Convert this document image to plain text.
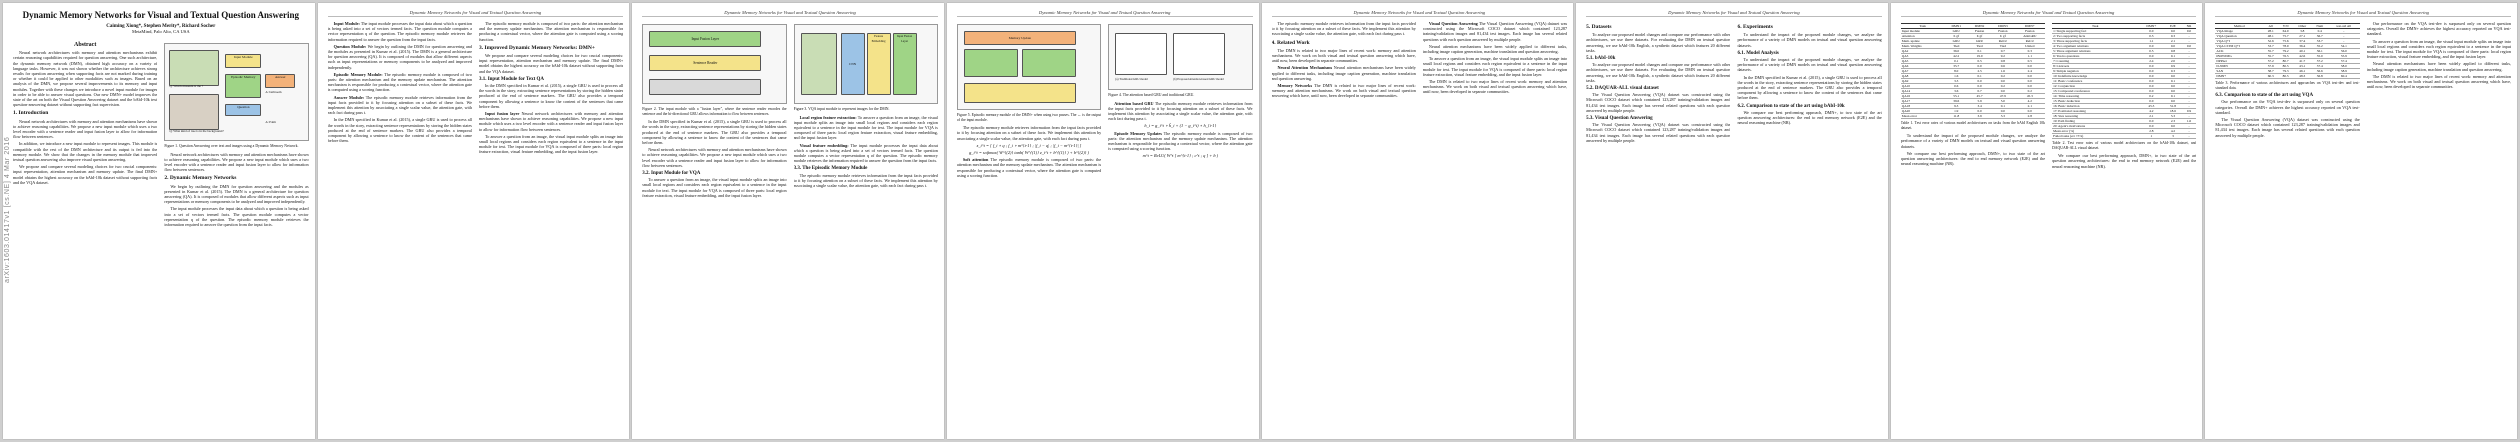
arXiv:1603.01417v1 [cs.NE] 4 Mar 2016
Dynamic Memory Networks for Visual and Textual Question Answering
Caiming Xiong*, Stephen Merity*, Richard Socher
MetaMind, Palo Alto, CA USA
Abstract

Neural network architectures with memory and attention mechanisms exhibit certain reasoning capabilities required for question answering. One such architecture, the dynamic memory network (DMN), obtained high accuracy on a variety of language tasks. However, it was not shown whether the architecture achieves strong results for question answering when supporting facts are not marked during training or whether it could be applied to other modalities such as images. Based on an analysis of the DMN, we propose several improvements to its memory and input modules. Together with these changes we introduce a novel input module for images in order to be able to answer visual questions. Our new DMN+ model improves the state of the art on both the Visual Question Answering dataset and the bAbI-10k text question-answering dataset without supporting fact supervision.

1. Introduction

Neural network architectures with memory and attention mechanisms have shown to achieve reasoning capabilities. We propose a new input module which uses a two level encoder with a sentence reader and input fusion layer to allow for information flow between sentences.

In addition, we introduce a new input module to represent images. This module is compatible with the rest of the DMN architecture and its output is fed into the memory module. We show that the changes in the memory module that improved textual question answering also improve visual question answering.

We propose and compare several modeling choices for two crucial components: input representation, attention mechanism and memory update. The final DMN+ model obtains the highest accuracy on the bAbI-10k dataset without supporting facts and the VQA dataset.

Input Module
Episodic Memory
Question
Answer
Q: Which museum is the ?
A: bathroom
Q: What kind of tree is in the background?
A: Palm
Figure 1. Question Answering over text and images using a Dynamic Memory Network.

Neural network architectures with memory and attention mechanisms have shown to achieve reasoning capabilities. We propose a new input module which uses a two level encoder with a sentence reader and input fusion layer to allow for information flow between sentences.

2. Dynamic Memory Networks

We begin by outlining the DMN for question answering and the modules as presented in Kumar et al. (2015). The DMN is a general architecture for question answering (QA). It is composed of modules that allow different aspects such as input representations or memory components to be analyzed and improved independently.

The input module processes the input data about which a question is being asked into a set of vectors termed facts. The question module computes a vector representation q of the question. The episodic memory module retrieves the information required to answer the question from the input facts.

Dynamic Memory Networks for Visual and Textual Question Answering

Input Module: The input module processes the input data about which a question is being asked into a set of vectors termed facts. The question module computes a vector representation q of the question. The episodic memory module retrieves the information required to answer the question from the input facts.

Question Module: We begin by outlining the DMN for question answering and the modules as presented in Kumar et al. (2015). The DMN is a general architecture for question answering (QA). It is composed of modules that allow different aspects such as input representations or memory components to be analyzed and improved independently.

Episodic Memory Module: The episodic memory module is composed of two parts: the attention mechanism and the memory update mechanism. The attention mechanism is responsible for producing a contextual vector, where the attention gate is computed using a scoring function.

Answer Module: The episodic memory module retrieves information from the input facts provided to it by focusing attention on a subset of these facts. We implement this attention by associating a single scalar value, the attention gate, with each fact during pass t.

In the DMN specified in Kumar et al. (2015), a single GRU is used to process all the words in the story, extracting sentence representations by storing the hidden states produced at the end of sentence markers. The GRU also provides a temporal component by allowing a sentence to know the content of the sentences that came before them.

The episodic memory module is composed of two parts: the attention mechanism and the memory update mechanism. The attention mechanism is responsible for producing a contextual vector, where the attention gate is computed using a scoring function.

3. Improved Dynamic Memory Networks: DMN+

We propose and compare several modeling choices for two crucial components: input representation, attention mechanism and memory update. The final DMN+ model obtains the highest accuracy on the bAbI-10k dataset without supporting facts and the VQA dataset.

3.1. Input Module for Text QA

In the DMN specified in Kumar et al. (2015), a single GRU is used to process all the words in the story, extracting sentence representations by storing the hidden states produced at the end of sentence markers. The GRU also provides a temporal component by allowing a sentence to know the content of the sentences that came before them.

Input fusion layer Neural network architectures with memory and attention mechanisms have shown to achieve reasoning capabilities. We propose a new input module which uses a two level encoder with a sentence reader and input fusion layer to allow for information flow between sentences.

To answer a question from an image, the visual input module splits an image into small local regions and considers each region equivalent to a sentence in the input module for text. The input module for VQA is composed of three parts: local region feature extraction, visual feature embedding, and the input fusion layer.

Dynamic Memory Networks for Visual and Textual Question Answering
Input Fusion Layer
Sentence Reader
Figure 2. The input module with a "fusion layer", where the sentence reader encodes the sentence and the bi-directional GRU allows information to flow between sentences.

In the DMN specified in Kumar et al. (2015), a single GRU is used to process all the words in the story, extracting sentence representations by storing the hidden states produced at the end of sentence markers. The GRU also provides a temporal component by allowing a sentence to know the content of the sentences that came before them.

Neural network architectures with memory and attention mechanisms have shown to achieve reasoning capabilities. We propose a new input module which uses a two level encoder with a sentence reader and input fusion layer to allow for information flow between sentences.

3.2. Input Module for VQA

To answer a question from an image, the visual input module splits an image into small local regions and considers each region equivalent to a sentence in the input module for text. The input module for VQA is composed of three parts: local region feature extraction, visual feature embedding, and the input fusion layer.

CNN
Feature Embedding
Input Fusion Layer
Figure 3. VQA input module to represent images for the DMN.

Local region feature extraction: To answer a question from an image, the visual input module splits an image into small local regions and considers each region equivalent to a sentence in the input module for text. The input module for VQA is composed of three parts: local region feature extraction, visual feature embedding, and the input fusion layer.

Visual feature embedding: The input module processes the input data about which a question is being asked into a set of vectors termed facts. The question module computes a vector representation q of the question. The episodic memory module retrieves the information required to answer the question from the input facts.

3.3. The Episodic Memory Module

The episodic memory module retrieves information from the input facts provided to it by focusing attention on a subset of these facts. We implement this attention by associating a single scalar value, the attention gate, with each fact during pass t.

Dynamic Memory Networks for Visual and Textual Question Answering
Memory Update
Figure 5. Episodic memory module of the DMN+ when using two passes. The ← is the output of the input module.

The episodic memory module retrieves information from the input facts provided to it by focusing attention on a subset of these facts. We implement this attention by associating a single scalar value, the attention gate, with each fact during pass t.

z_i^t = [ f_i ∘ q ; f_i ∘ m^{t-1} ; |f_i − q| ; |f_i − m^{t-1}| ]
g_i^t = softmax( W^{(2)} tanh( W^{(1)} z_i^t + b^{(1)} ) + b^{(2)} )

Soft attention The episodic memory module is composed of two parts: the attention mechanism and the memory update mechanism. The attention mechanism is responsible for producing a contextual vector, where the attention gate is computed using a scoring function.

(a) Traditional GRU model	(b) Proposed Attention-based GRU model
Figure 4. The attention based GRU and traditional GRU.

Attention based GRU The episodic memory module retrieves information from the input facts provided to it by focusing attention on a subset of these facts. We implement this attention by associating a single scalar value, the attention gate, with each fact during pass t.

h_i = g_i^t ∘ h̃_i + (1 − g_i^t) ∘ h_{i-1}

Episode Memory Updates The episodic memory module is composed of two parts: the attention mechanism and the memory update mechanism. The attention mechanism is responsible for producing a contextual vector, where the attention gate is computed using a scoring function.

m^t = ReLU( W^t [ m^{t-1} ; c^t ; q ] + b )
Dynamic Memory Networks for Visual and Textual Question Answering

The episodic memory module retrieves information from the input facts provided to it by focusing attention on a subset of these facts. We implement this attention by associating a single scalar value, the attention gate, with each fact during pass t.

4. Related Work

The DMN is related to two major lines of recent work: memory and attention mechanisms. We work on both visual and textual question answering which have, until now, been developed in separate communities.

Neural Attention Mechanisms Neural attention mechanisms have been widely applied to different tasks, including image caption generation, machine translation and question answering.

Memory Networks The DMN is related to two major lines of recent work: memory and attention mechanisms. We work on both visual and textual question answering which have, until now, been developed in separate communities.

Visual Question Answering The Visual Question Answering (VQA) dataset was constructed using the Microsoft COCO dataset which contained 123,287 training/validation images and 81,434 test images. Each image has several related questions with each question answered by multiple people.

Neural attention mechanisms have been widely applied to different tasks, including image caption generation, machine translation and question answering.

To answer a question from an image, the visual input module splits an image into small local regions and considers each region equivalent to a sentence in the input module for text. The input module for VQA is composed of three parts: local region feature extraction, visual feature embedding, and the input fusion layer.

The DMN is related to two major lines of recent work: memory and attention mechanisms. We work on both visual and textual question answering which have, until now, been developed in separate communities.

Dynamic Memory Networks for Visual and Textual Question Answering
5. Datasets

To analyze our proposed model changes and compare our performance with other architectures, we use three datasets. For evaluating the DMN on textual question answering, we use bAbI-10k English, a synthetic dataset which features 20 different tasks.

5.1. bAbI-10k

To analyze our proposed model changes and compare our performance with other architectures, we use three datasets. For evaluating the DMN on textual question answering, we use bAbI-10k English, a synthetic dataset which features 20 different tasks.

5.2. DAQUAR-ALL visual dataset

The Visual Question Answering (VQA) dataset was constructed using the Microsoft COCO dataset which contained 123,287 training/validation images and 81,434 test images. Each image has several related questions with each question answered by multiple people.

5.3. Visual Question Answering

The Visual Question Answering (VQA) dataset was constructed using the Microsoft COCO dataset which contained 123,287 training/validation images and 81,434 test images. Each image has several related questions with each question answered by multiple people.

6. Experiments

To understand the impact of the proposed module changes, we analyze the performance of a variety of DMN models on textual and visual question answering datasets.

6.1. Model Analysis

To understand the impact of the proposed module changes, we analyze the performance of a variety of DMN models on textual and visual question answering datasets.

In the DMN specified in Kumar et al. (2015), a single GRU is used to process all the words in the story, extracting sentence representations by storing the hidden states produced at the end of sentence markers. The GRU also provides a temporal component by allowing a sentence to know the content of the sentences that came before them.

6.2. Comparison to state of the art using bAbI-10k

We compare our best performing approach, DMN+, to two state of the art question answering architectures: the end to end memory network (E2E) and the neural reasoning machine (NR).

Dynamic Memory Networks for Visual and Textual Question Answering
Task	DMN1	DMN2	DMN3	DMN+
Input module	GRU	Fusion	Fusion	Fusion
Attention	Σ gf	Σ gf	Σ gf	AttnGRU
Mem. update	GRU	GRU	ReLU	ReLU
Mem. Weights	Tied	Tied	Tied	Untied
QA2	36.0	0.1	0.7	0.3
QA3	42.2	19.0	9.2	1.1
QA5	0.1	0.5	0.8	0.5
QA6	35.7	0.0	0.6	0.0
QA7	8.0	2.5	1.6	2.4
QA8	1.6	0.1	0.2	0.0
QA9	3.3	0.0	0.0	0.0
QA10	0.6	0.0	0.2	0.0
QA14	3.6	0.7	0.0	0.2
QA16	55.1	45.7	47.9	45.3
QA17	39.6	5.9	5.0	4.2
QA18	9.3	3.4	0.1	2.1
QA20	1.9	0.0	0.0	0.0
Mean error	11.8	3.9	3.3	2.8
Table 1. Test error rates of various model architectures on tasks from the bAbI English 10k dataset.

To understand the impact of the proposed module changes, we analyze the performance of a variety of DMN models on textual and visual question answering datasets.

We compare our best performing approach, DMN+, to two state of the art question answering architectures: the end to end memory network (E2E) and the neural reasoning machine (NR).

Task	DMN+	E2E	NR
1: Single supporting fact	0.0	0.0	0.0
2: Two supporting facts	0.3	0.3	-
3: Three supporting facts	1.1	2.1	-
4: Two argument relations	0.0	0.0	0.0
5: Three argument relations	0.5	0.8	-
6: Yes/no questions	0.0	0.1	-
7: Counting	2.4	2.0	-
8: Lists/sets	0.0	0.9	-
9: Simple negation	0.0	0.3	-
10: Indefinite knowledge	0.0	0.0	-
11: Basic coreference	0.0	0.1	-
12: Conjunction	0.0	0.0	-
13: Compound coreference	0.0	0.0	-
14: Time reasoning	0.2	0.1	-
15: Basic deduction	0.0	0.0	-
16: Basic induction	45.3	51.8	-
17: Positional reasoning	4.2	18.6	0.9
18: Size reasoning	2.1	5.3	-
19: Path finding	0.0	2.3	1.6
20: Agent's motivations	0.0	0.0	-
Mean error (%)	2.8	4.2	-
Failed tasks (err >5%)	1	3	-
Table 2. Test error rates of various model architectures on the bAbI-10k dataset, and DAQUAR-ALL visual dataset.

We compare our best performing approach, DMN+, to two state of the art question answering architectures: the end to end memory network (E2E) and the neural reasoning machine (NR).

Dynamic Memory Networks for Visual and Textual Question Answering
Method	All	Y/N	Other	Num	test-std All
VQA Image	28.1	64.0	3.8	0.4	-
VQA Question	48.1	75.7	27.1	36.7	-
VQA Q+I	52.6	75.6	37.4	33.7	-
VQA LSTM Q+I	53.7	78.9	36.4	35.2	54.1
ACK	55.7	79.2	40.1	36.1	56.0
iBOWIMG	55.7	76.5	42.6	35.0	55.9
DPPnet	57.2	80.7	41.7	37.2	57.4
D-NMN	57.9	80.5	43.1	37.4	58.0
SAN	58.7	79.3	46.1	36.6	58.9
DMN+	60.3	80.5	48.3	36.8	60.4
Table 3. Performance of various architectures and approaches on VQA test-dev and test-standard data.
6.3. Comparison to state of the art using VQA

Our performance on the VQA test-dev is surpassed only on several question categories. Overall the DMN+ achieves the highest accuracy reported on VQA test-standard.

The Visual Question Answering (VQA) dataset was constructed using the Microsoft COCO dataset which contained 123,287 training/validation images and 81,434 test images. Each image has several related questions with each question answered by multiple people.

Our performance on the VQA test-dev is surpassed only on several question categories. Overall the DMN+ achieves the highest accuracy reported on VQA test-standard.

To answer a question from an image, the visual input module splits an image into small local regions and considers each region equivalent to a sentence in the input module for text. The input module for VQA is composed of three parts: local region feature extraction, visual feature embedding, and the input fusion layer.

Neural attention mechanisms have been widely applied to different tasks, including image caption generation, machine translation and question answering.

The DMN is related to two major lines of recent work: memory and attention mechanisms. We work on both visual and textual question answering which have, until now, been developed in separate communities.
